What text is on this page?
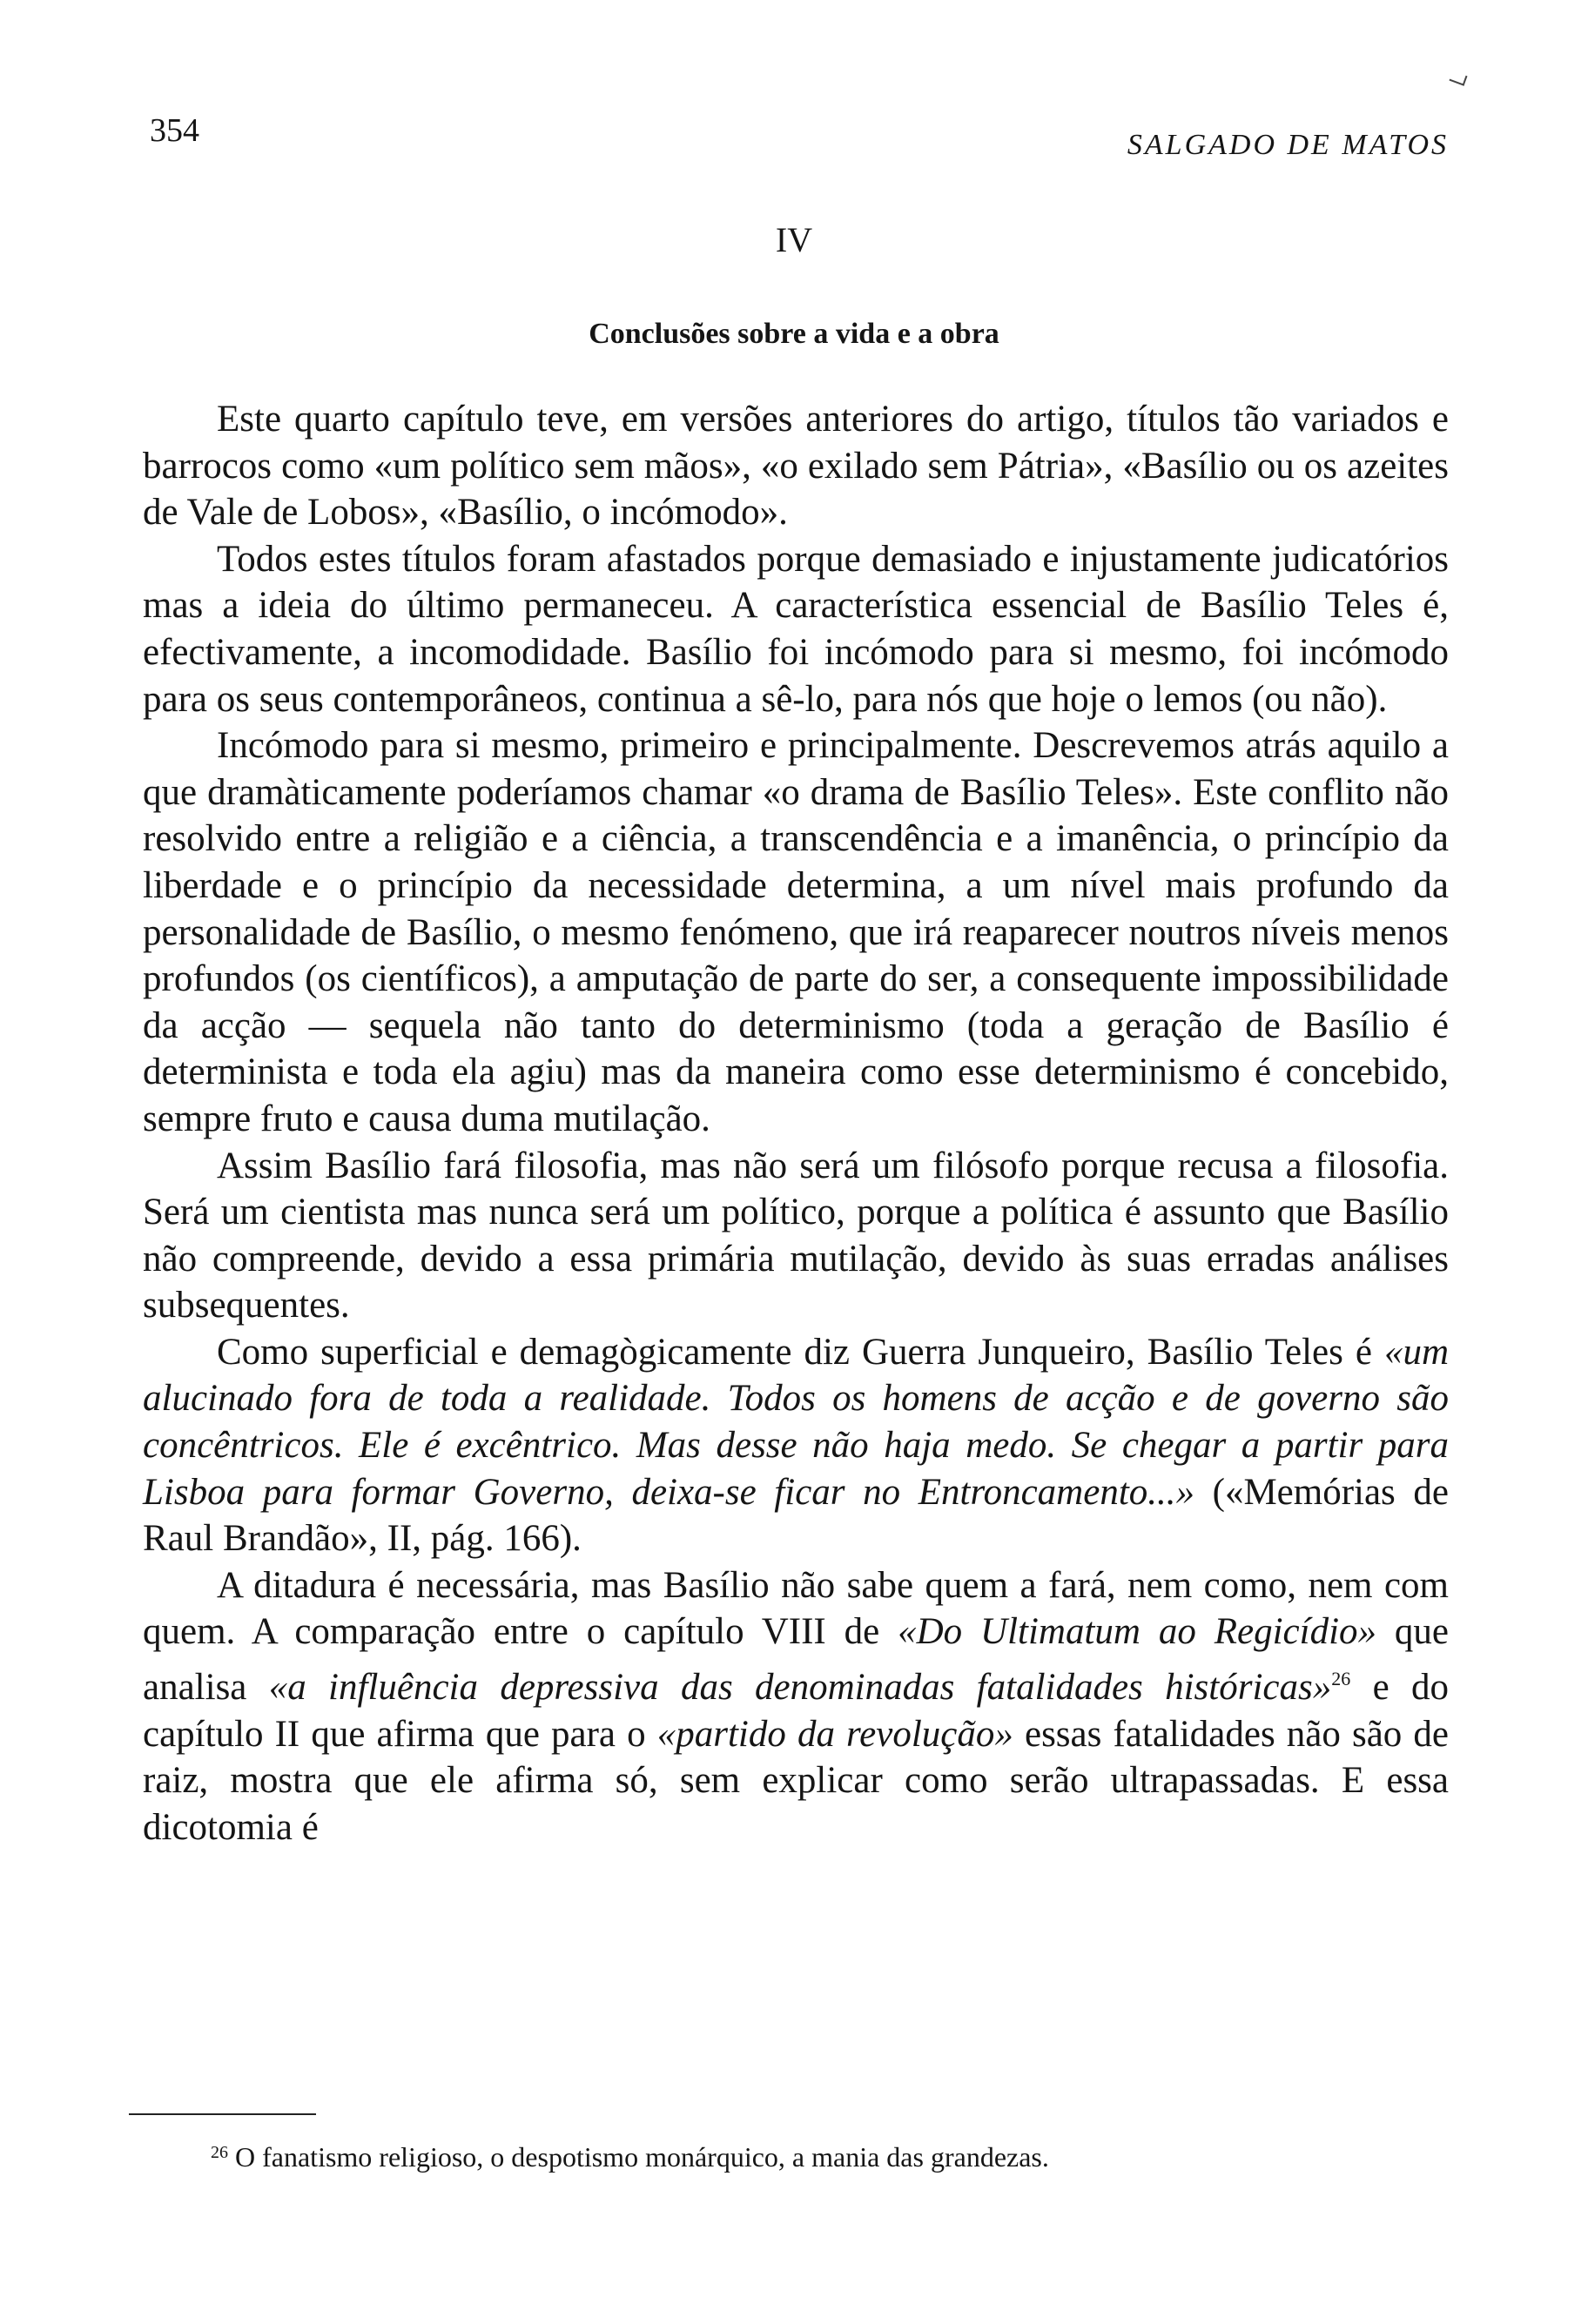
354	SALGADO DE MATOS
IV
Conclusões sobre a vida e a obra

Este quarto capítulo teve, em versões anteriores do artigo, títulos tão variados e barrocos como «um político sem mãos», «o exilado sem Pátria», «Basílio ou os azeites de Vale de Lobos», «Basílio, o incómodo».

Todos estes títulos foram afastados porque demasiado e injustamente judicatórios mas a ideia do último permaneceu. A característica essencial de Basílio Teles é, efectivamente, a incomodidade. Basílio foi incómodo para si mesmo, foi incómodo para os seus contemporâneos, continua a sê-lo, para nós que hoje o lemos (ou não).

Incómodo para si mesmo, primeiro e principalmente. Descrevemos atrás aquilo a que dramàticamente poderíamos chamar «o drama de Basílio Teles». Este conflito não resolvido entre a religião e a ciência, a transcendência e a imanência, o princípio da liberdade e o princípio da necessidade determina, a um nível mais profundo da personalidade de Basílio, o mesmo fenómeno, que irá reaparecer noutros níveis menos profundos (os científicos), a amputação de parte do ser, a consequente impossibilidade da acção — sequela não tanto do determinismo (toda a geração de Basílio é determinista e toda ela agiu) mas da maneira como esse determinismo é concebido, sempre fruto e causa duma mutilação.

Assim Basílio fará filosofia, mas não será um filósofo porque recusa a filosofia. Será um cientista mas nunca será um político, porque a política é assunto que Basílio não compreende, devido a essa primária mutilação, devido às suas erradas análises subsequentes.

Como superficial e demagògicamente diz Guerra Junqueiro, Basílio Teles é «um alucinado fora de toda a realidade. Todos os homens de acção e de governo são concêntricos. Ele é excêntrico. Mas desse não haja medo. Se chegar a partir para Lisboa para formar Governo, deixa-se ficar no Entroncamento...» («Memórias de Raul Brandão», II, pág. 166).

A ditadura é necessária, mas Basílio não sabe quem a fará, nem como, nem com quem. A comparação entre o capítulo VIII de «Do Ultimatum ao Regicídio» que analisa «a influência depressiva das denominadas fatalidades históricas»$^{26}$ e do capítulo II que afirma que para o «partido da revolução» essas fatalidades não são de raiz, mostra que ele afirma só, sem explicar como serão ultrapassadas. E essa dicotomia é

$^{26}$ O fanatismo religioso, o despotismo monárquico, a mania das grandezas.
